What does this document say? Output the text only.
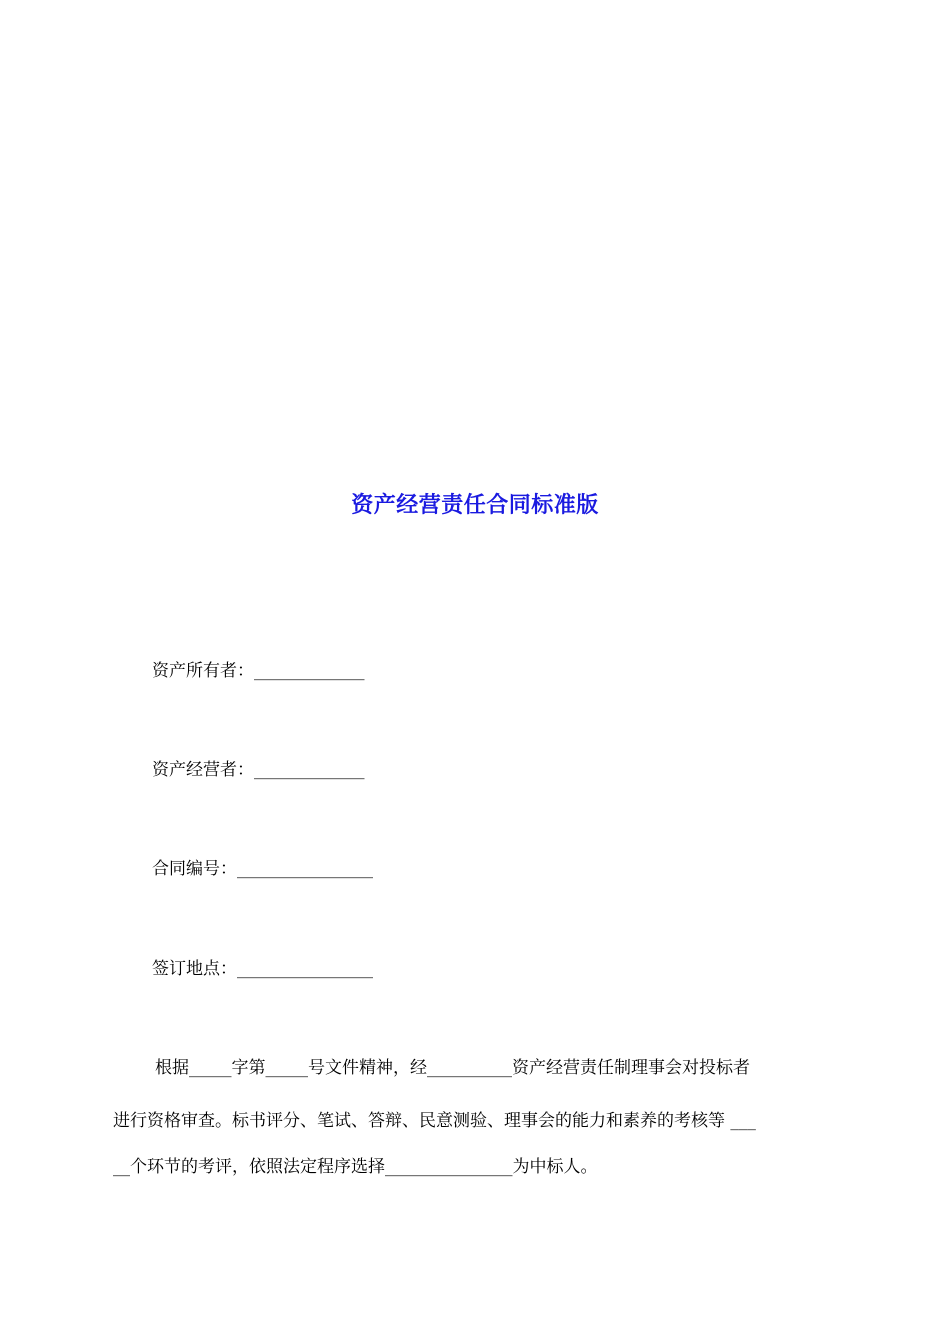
资产经营责任合同标准版
资产所有者：_____________
资产经营者：_____________
合同编号：________________
签订地点：________________
根据_____字第_____号文件精神，经__________资产经营责任制理事会对投标者
进行资格审查。标书评分、笔试、答辩、民意测验、理事会的能力和素养的考核等 ___
__个环节的考评，依照法定程序选择_______________为中标人。
